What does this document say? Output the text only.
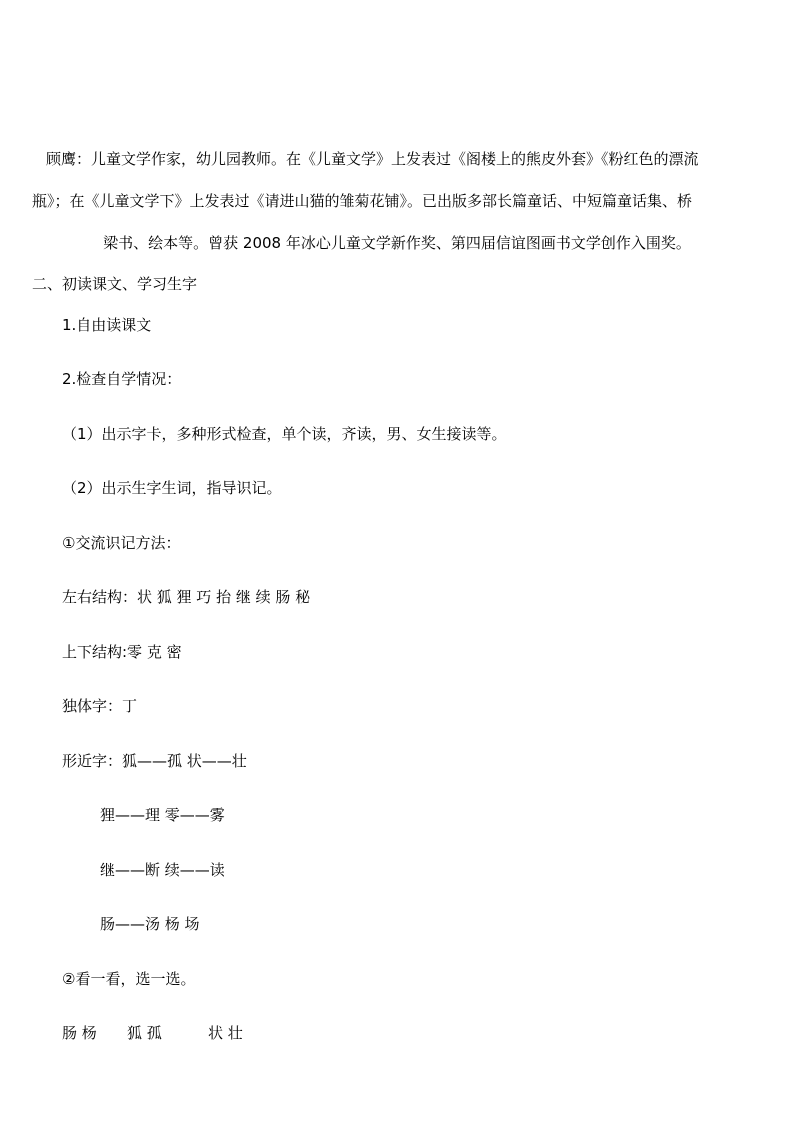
顾鹰：儿童文学作家，幼儿园教师。在《儿童文学》上发表过《阁楼上的熊皮外套》《粉红色的漂流
瓶》；在《儿童文学下》上发表过《请进山猫的雏菊花铺》。已出版多部长篇童话、中短篇童话集、桥
梁书、绘本等。曾获 2008 年冰心儿童文学新作奖、第四届信谊图画书文学创作入围奖。
二、初读课文、学习生字
1.自由读课文
2.检查自学情况：
（1）出示字卡，多种形式检查，单个读，齐读，男、女生接读等。
（2）出示生字生词，指导识记。
①交流识记方法：
左右结构：状 狐 狸 巧 抬 继 续 肠 秘
上下结构:零 克 密
独体字：丁
形近字：狐——孤 状——壮
狸——理 零——雾
继——断 续——读
肠——汤 杨 场
②看一看，选一选。
肠 杨 狐 孤	状 壮
